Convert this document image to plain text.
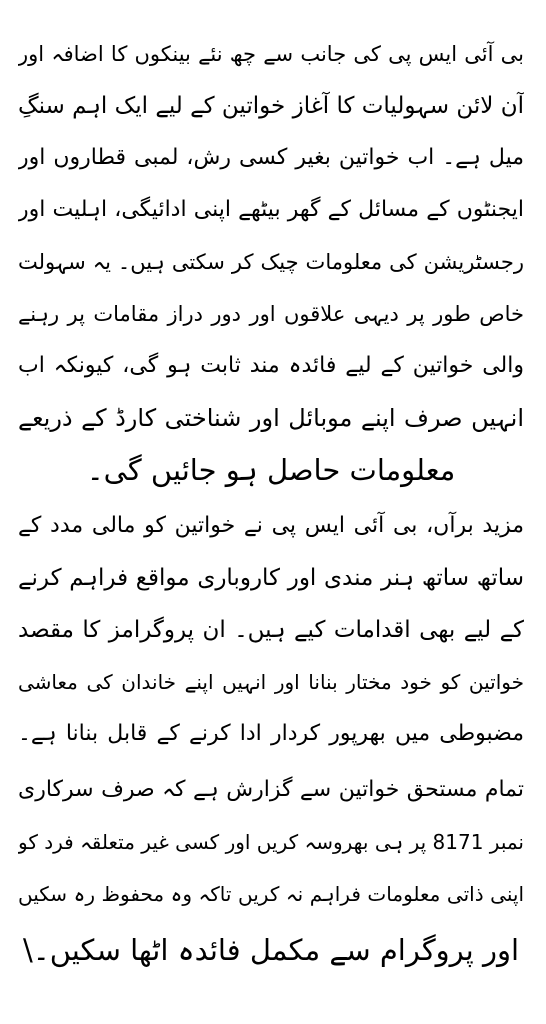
بی آئی ایس پی کی جانب سے چھ نئے بینکوں کا اضافہ اور
آن لائن سہولیات کا آغاز خواتین کے لیے ایک اہم سنگِ
میل ہے۔ اب خواتین بغیر کسی رش، لمبی قطاروں اور
ایجنٹوں کے مسائل کے گھر بیٹھے اپنی ادائیگی، اہلیت اور
رجسٹریشن کی معلومات چیک کر سکتی ہیں۔ یہ سہولت
خاص طور پر دیہی علاقوں اور دور دراز مقامات پر رہنے
والی خواتین کے لیے فائدہ مند ثابت ہو گی، کیونکہ اب
انہیں صرف اپنے موبائل اور شناختی کارڈ کے ذریعے
معلومات حاصل ہو جائیں گی۔
مزید برآں، بی آئی ایس پی نے خواتین کو مالی مدد کے
ساتھ ساتھ ہنر مندی اور کاروباری مواقع فراہم کرنے
کے لیے بھی اقدامات کیے ہیں۔ ان پروگرامز کا مقصد
خواتین کو خود مختار بنانا اور انہیں اپنے خاندان کی معاشی
مضبوطی میں بھرپور کردار ادا کرنے کے قابل بنانا ہے۔
تمام مستحق خواتین سے گزارش ہے کہ صرف سرکاری
نمبر 8171 پر ہی بھروسہ کریں اور کسی غیر متعلقہ فرد کو
اپنی ذاتی معلومات فراہم نہ کریں تاکہ وہ محفوظ رہ سکیں
اور پروگرام سے مکمل فائدہ اٹھا سکیں۔\
